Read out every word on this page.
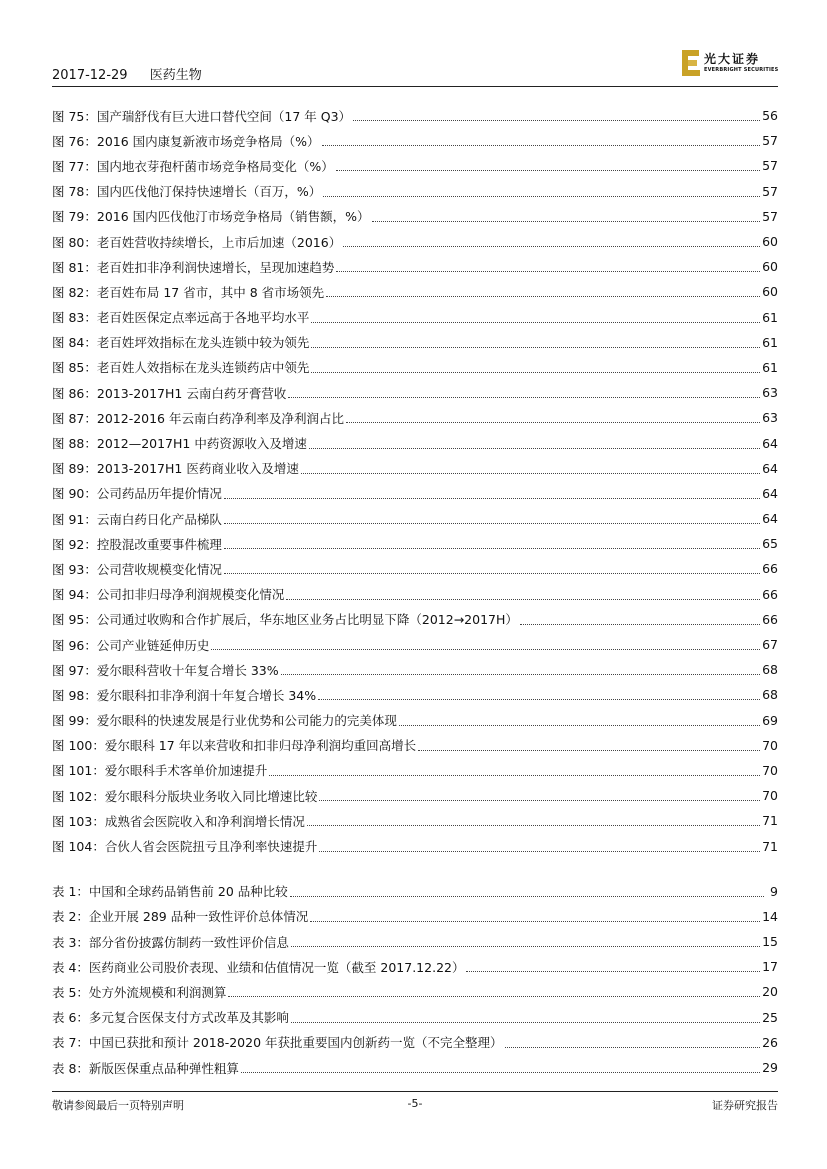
2017-12-29 医药生物
光大证券
EVERBRIGHT SECURITIES
图 75：国产瑞舒伐有巨大进口替代空间（17 年 Q3）	56
图 76：2016 国内康复新液市场竞争格局（%）	57
图 77：国内地衣芽孢杆菌市场竞争格局变化（%）	57
图 78：国内匹伐他汀保持快速增长（百万，%）	57
图 79：2016 国内匹伐他汀市场竞争格局（销售额，%）	57
图 80：老百姓营收持续增长，上市后加速（2016）	60
图 81：老百姓扣非净利润快速增长，呈现加速趋势	60
图 82：老百姓布局 17 省市，其中 8 省市场领先	60
图 83：老百姓医保定点率远高于各地平均水平	61
图 84：老百姓坪效指标在龙头连锁中较为领先	61
图 85：老百姓人效指标在龙头连锁药店中领先	61
图 86：2013-2017H1 云南白药牙膏营收	63
图 87：2012-2016 年云南白药净利率及净利润占比	63
图 88：2012—2017H1 中药资源收入及增速	64
图 89：2013-2017H1 医药商业收入及增速	64
图 90：公司药品历年提价情况	64
图 91：云南白药日化产品梯队	64
图 92：控股混改重要事件梳理	65
图 93：公司营收规模变化情况	66
图 94：公司扣非归母净利润规模变化情况	66
图 95：公司通过收购和合作扩展后，华东地区业务占比明显下降（2012→2017H）	66
图 96：公司产业链延伸历史	67
图 97：爱尔眼科营收十年复合增长 33%	68
图 98：爱尔眼科扣非净利润十年复合增长 34%	68
图 99：爱尔眼科的快速发展是行业优势和公司能力的完美体现	69
图 100：爱尔眼科 17 年以来营收和扣非归母净利润均重回高增长	70
图 101：爱尔眼科手术客单价加速提升	70
图 102：爱尔眼科分版块业务收入同比增速比较	70
图 103：成熟省会医院收入和净利润增长情况	71
图 104：合伙人省会医院扭亏且净利率快速提升	71
表 1：中国和全球药品销售前 20 品种比较	9
表 2：企业开展 289 品种一致性评价总体情况	14
表 3：部分省份披露仿制药一致性评价信息	15
表 4：医药商业公司股价表现、业绩和估值情况一览（截至 2017.12.22）	17
表 5：处方外流规模和利润测算	20
表 6：多元复合医保支付方式改革及其影响	25
表 7：中国已获批和预计 2018-2020 年获批重要国内创新药一览（不完全整理）	26
表 8：新版医保重点品种弹性粗算	29
敬请参阅最后一页特别声明	-5-	证券研究报告
